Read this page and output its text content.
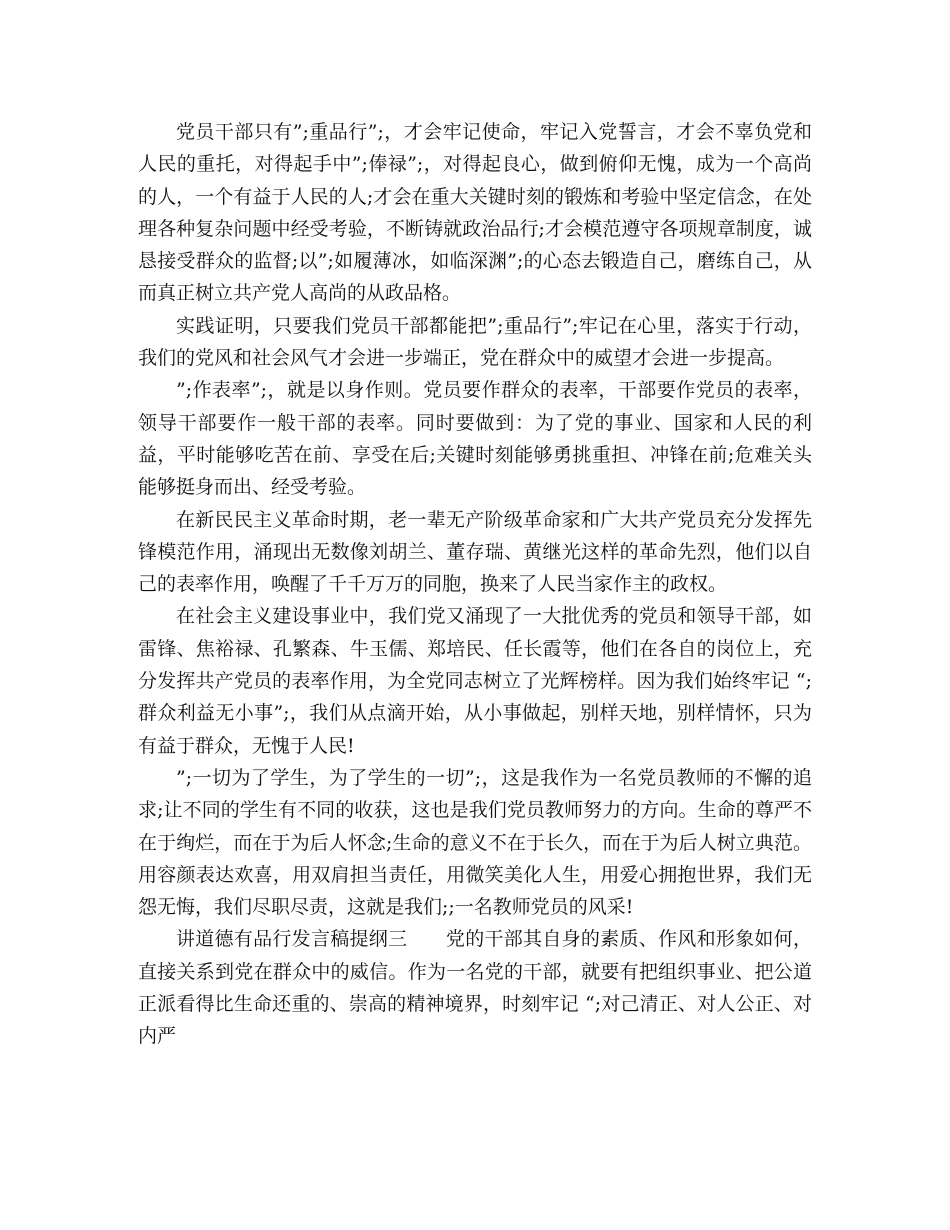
党员干部只有”;重品行”;，才会牢记使命，牢记入党誓言，才会不辜负党和人民的重托，对得起手中”;俸禄”;，对得起良心，做到俯仰无愧，成为一个高尚的人，一个有益于人民的人;才会在重大关键时刻的锻炼和考验中坚定信念，在处理各种复杂问题中经受考验，不断铸就政治品行;才会模范遵守各项规章制度，诚恳接受群众的监督;以”;如履薄冰，如临深渊”;的心态去锻造自己，磨练自己，从而真正树立共产党人高尚的从政品格。

实践证明，只要我们党员干部都能把”;重品行”;牢记在心里，落实于行动，我们的党风和社会风气才会进一步端正，党在群众中的威望才会进一步提高。

”;作表率”;，就是以身作则。党员要作群众的表率，干部要作党员的表率，领导干部要作一般干部的表率。同时要做到：为了党的事业、国家和人民的利益，平时能够吃苦在前、享受在后;关键时刻能够勇挑重担、冲锋在前;危难关头能够挺身而出、经受考验。

在新民民主义革命时期，老一辈无产阶级革命家和广大共产党员充分发挥先锋模范作用，涌现出无数像刘胡兰、董存瑞、黄继光这样的革命先烈，他们以自己的表率作用，唤醒了千千万万的同胞，换来了人民当家作主的政权。

在社会主义建设事业中，我们党又涌现了一大批优秀的党员和领导干部，如雷锋、焦裕禄、孔繁森、牛玉儒、郑培民、任长霞等，他们在各自的岗位上，充分发挥共产党员的表率作用，为全党同志树立了光辉榜样。因为我们始终牢记 “;群众利益无小事”;，我们从点滴开始，从小事做起，别样天地，别样情怀，只为有益于群众，无愧于人民!

”;一切为了学生，为了学生的一切”;，这是我作为一名党员教师的不懈的追求;让不同的学生有不同的收获，这也是我们党员教师努力的方向。生命的尊严不在于绚烂，而在于为后人怀念;生命的意义不在于长久，而在于为后人树立典范。用容颜表达欢喜，用双肩担当责任，用微笑美化人生，用爱心拥抱世界，我们无怨无悔，我们尽职尽责，这就是我们;;一名教师党员的风采!

讲道德有品行发言稿提纲三　　党的干部其自身的素质、作风和形象如何，直接关系到党在群众中的威信。作为一名党的干部，就要有把组织事业、把公道正派看得比生命还重的、崇高的精神境界，时刻牢记 “;对己清正、对人公正、对内严
